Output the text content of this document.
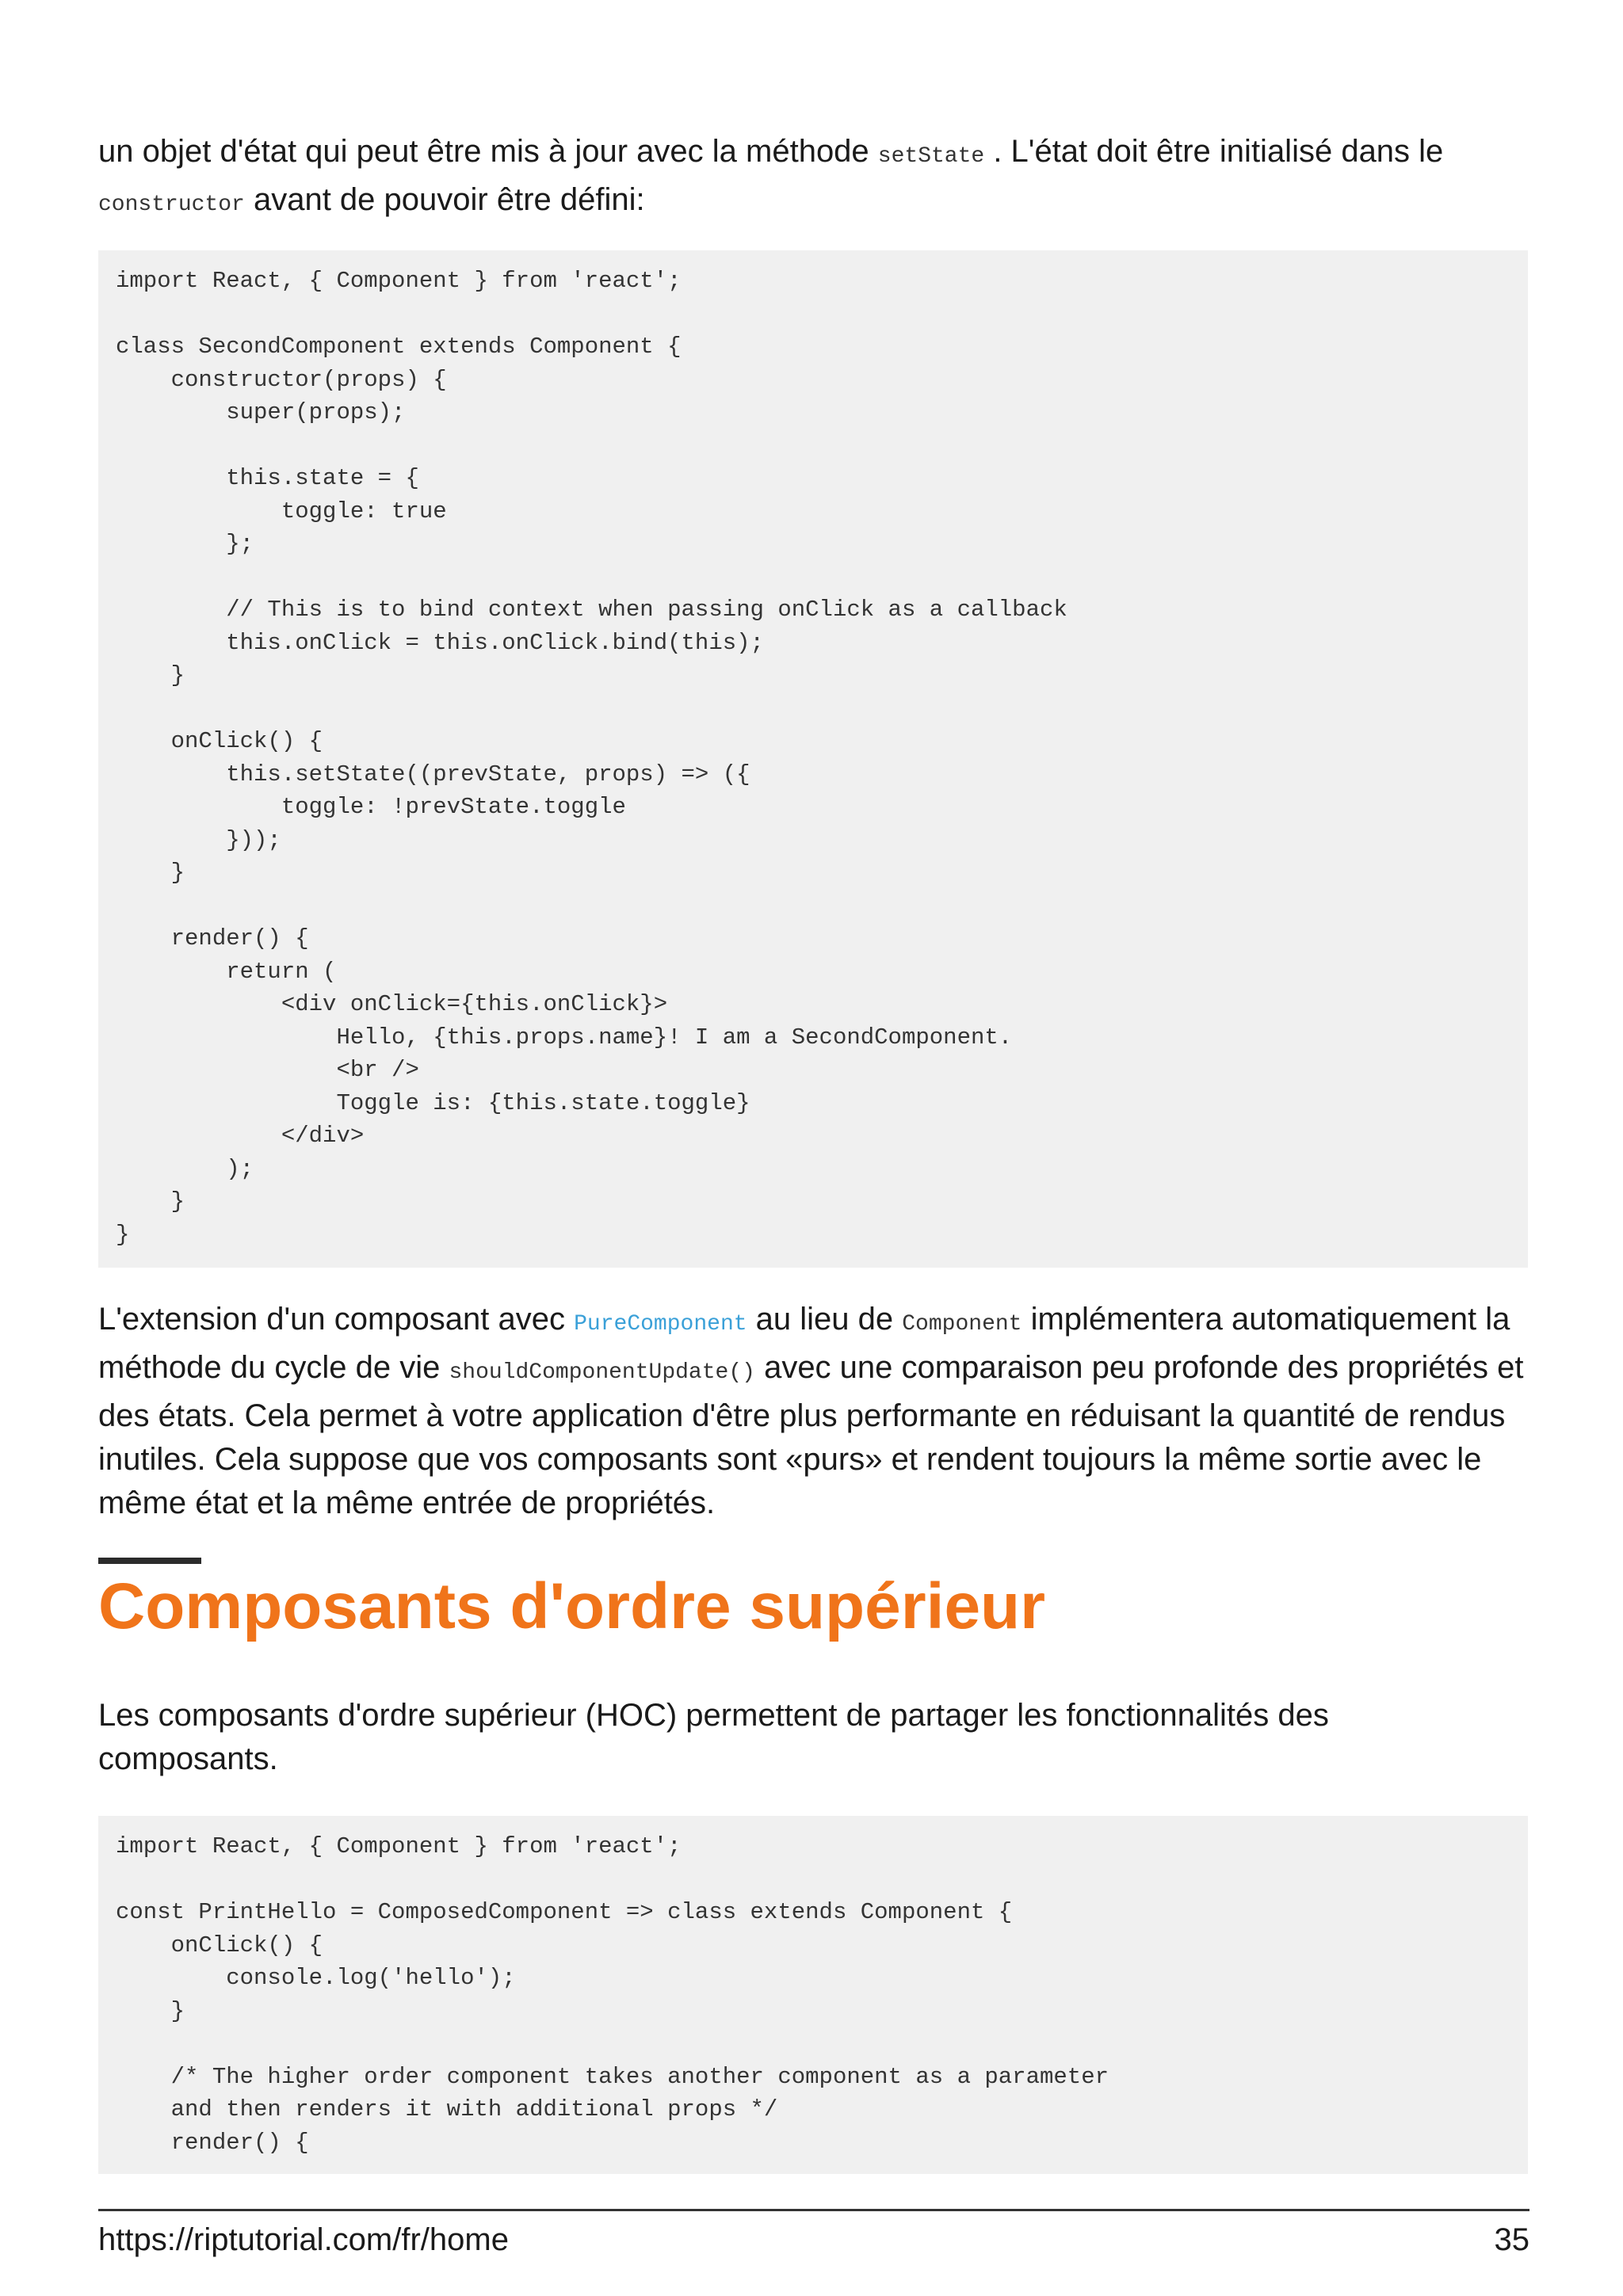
un objet d'état qui peut être mis à jour avec la méthode setState . L'état doit être initialisé dans le constructor avant de pouvoir être défini:

import React, { Component } from 'react';

class SecondComponent extends Component {
constructor(props) {
super(props);

this.state = {
toggle: true
};

// This is to bind context when passing onClick as a callback
this.onClick = this.onClick.bind(this);
}

onClick() {
this.setState((prevState, props) => ({
toggle: !prevState.toggle
}));
}

render() {
return (
<div onClick={this.onClick}>
Hello, {this.props.name}! I am a SecondComponent.
<br />
Toggle is: {this.state.toggle}
</div>
);
}
}

L'extension d'un composant avec PureComponent au lieu de Component implémentera automatiquement la méthode du cycle de vie shouldComponentUpdate() avec une comparaison peu profonde des propriétés et des états. Cela permet à votre application d'être plus performante en réduisant la quantité de rendus inutiles. Cela suppose que vos composants sont «purs» et rendent toujours la même sortie avec le même état et la même entrée de propriétés.

Composants d'ordre supérieur

Les composants d'ordre supérieur (HOC) permettent de partager les fonctionnalités des composants.

import React, { Component } from 'react';

const PrintHello = ComposedComponent => class extends Component {
onClick() {
console.log('hello');
}

/* The higher order component takes another component as a parameter
and then renders it with additional props */
render() {
https://riptutorial.com/fr/home	35
